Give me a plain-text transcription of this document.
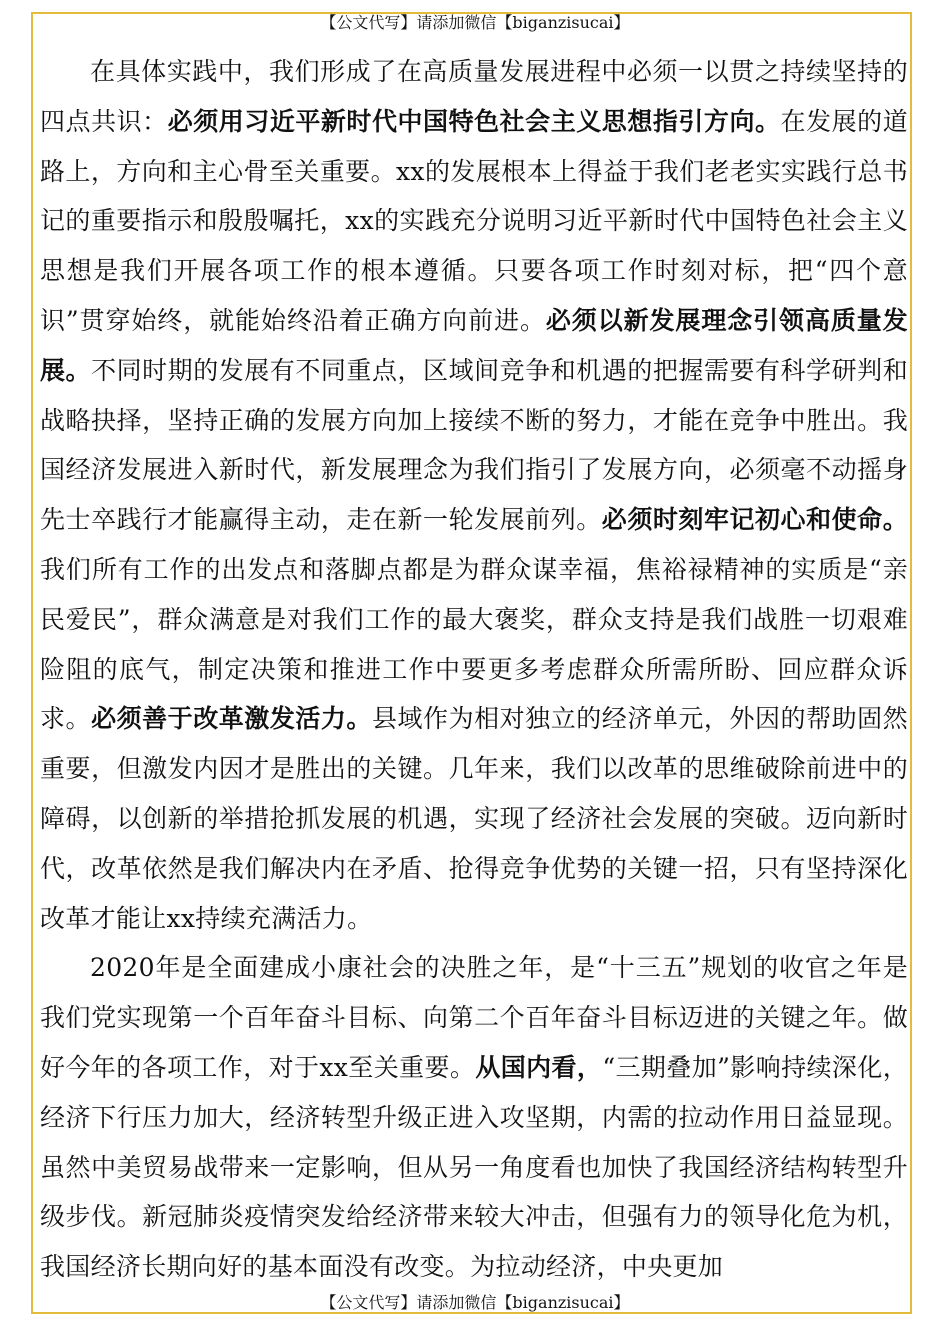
【公文代写】请添加微信【biganzisucai】

在具体实践中，我们形成了在高质量发展进程中必须一以贯之持续坚持的四点共识：必须用习近平新时代中国特色社会主义思想指引方向。在发展的道路上，方向和主心骨至关重要。xx的发展根本上得益于我们老老实实践行总书记的重要指示和殷殷嘱托，xx的实践充分说明习近平新时代中国特色社会主义思想是我们开展各项工作的根本遵循。只要各项工作时刻对标，把“四个意识”贯穿始终，就能始终沿着正确方向前进。必须以新发展理念引领高质量发展。不同时期的发展有不同重点，区域间竞争和机遇的把握需要有科学研判和战略抉择，坚持正确的发展方向加上接续不断的努力，才能在竞争中胜出。我国经济发展进入新时代，新发展理念为我们指引了发展方向，必须毫不动摇身先士卒践行才能赢得主动，走在新一轮发展前列。必须时刻牢记初心和使命。我们所有工作的出发点和落脚点都是为群众谋幸福，焦裕禄精神的实质是“亲民爱民”，群众满意是对我们工作的最大褒奖，群众支持是我们战胜一切艰难险阻的底气，制定决策和推进工作中要更多考虑群众所需所盼、回应群众诉求。必须善于改革激发活力。县域作为相对独立的经济单元，外因的帮助固然重要，但激发内因才是胜出的关键。几年来，我们以改革的思维破除前进中的障碍，以创新的举措抢抓发展的机遇，实现了经济社会发展的突破。迈向新时代，改革依然是我们解决内在矛盾、抢得竞争优势的关键一招，只有坚持深化改革才能让xx持续充满活力。

2020年是全面建成小康社会的决胜之年，是“十三五”规划的收官之年是我们党实现第一个百年奋斗目标、向第二个百年奋斗目标迈进的关键之年。做好今年的各项工作，对于xx至关重要。从国内看，“三期叠加”影响持续深化，经济下行压力加大，经济转型升级正进入攻坚期，内需的拉动作用日益显现。虽然中美贸易战带来一定影响，但从另一角度看也加快了我国经济结构转型升级步伐。新冠肺炎疫情突发给经济带来较大冲击，但强有力的领导化危为机，我国经济长期向好的基本面没有改变。为拉动经济，中央更加

【公文代写】请添加微信【biganzisucai】
